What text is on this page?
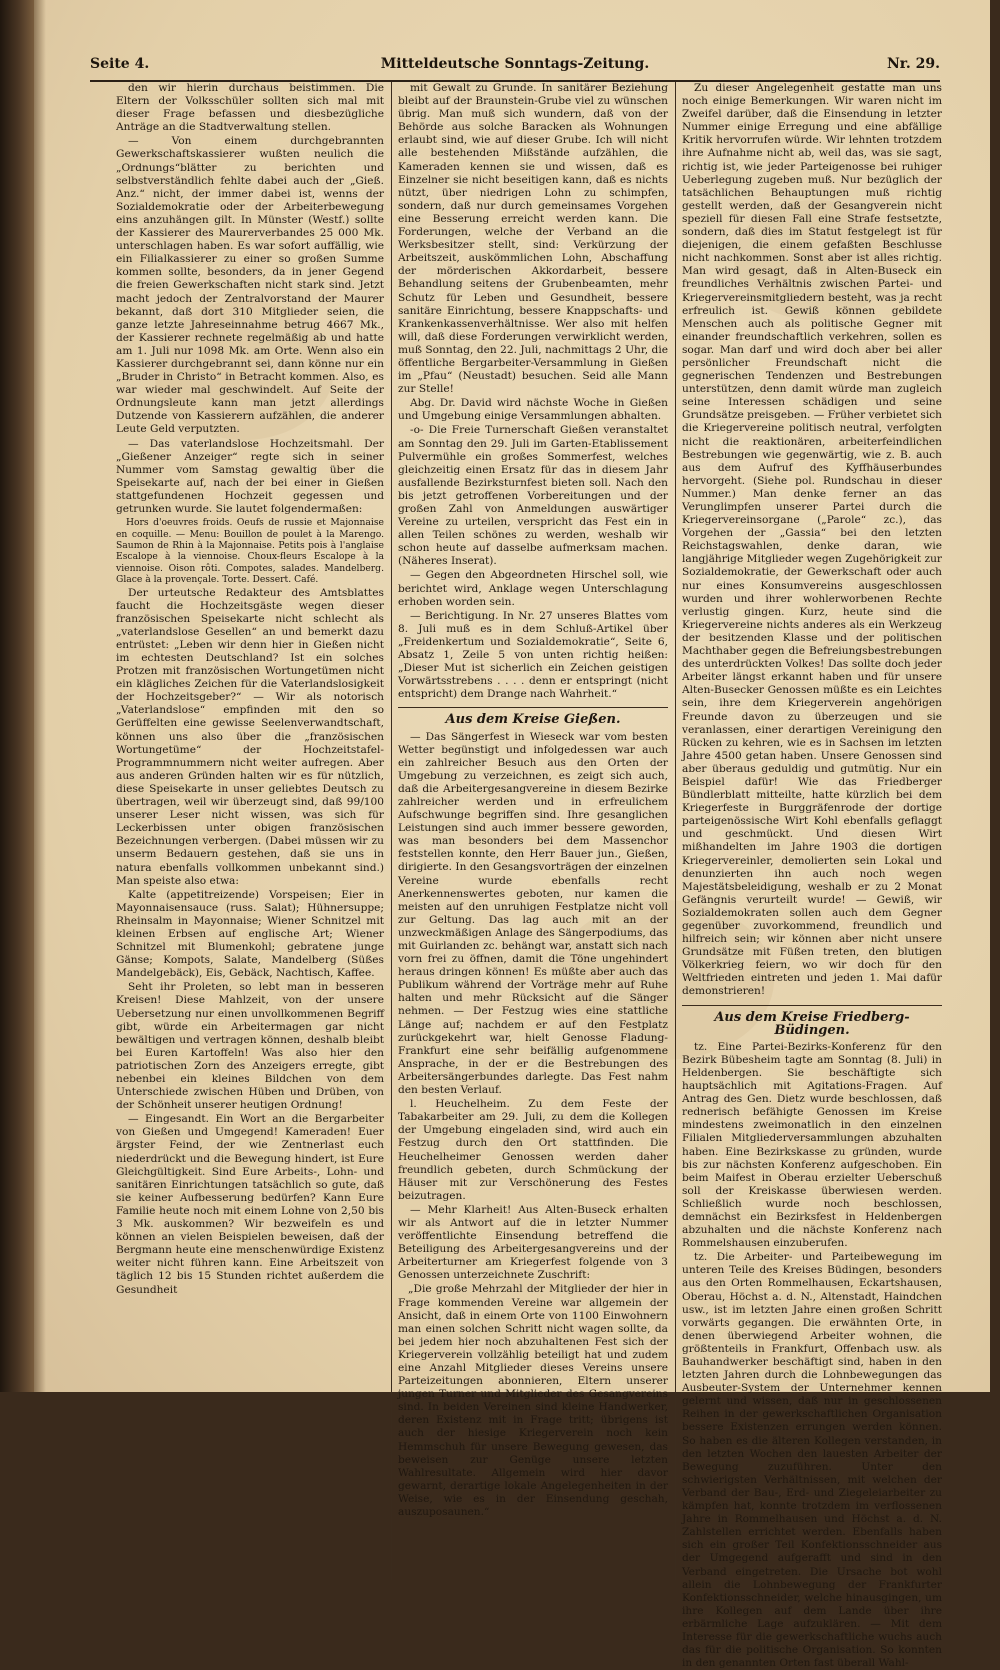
Seite 4.	Mitteldeutsche Sonntags-Zeitung.	Nr. 29.

den wir hierin durchaus beistimmen. Die Eltern der Volksschüler sollten sich mal mit dieser Frage befassen und diesbezügliche Anträge an die Stadtverwaltung stellen.

— Von einem durchgebrannten Gewerkschaftskassierer wußten neulich die „Ordnungs“blätter zu berichten und selbstverständlich fehlte dabei auch der „Gieß. Anz.“ nicht, der immer dabei ist, wenns der Sozialdemokratie oder der Arbeiterbewegung eins anzuhängen gilt. In Münster (Westf.) sollte der Kassierer des Maurerverbandes 25 000 Mk. unterschlagen haben. Es war sofort auffällig, wie ein Filialkassierer zu einer so großen Summe kommen sollte, besonders, da in jener Gegend die freien Gewerkschaften nicht stark sind. Jetzt macht jedoch der Zentralvorstand der Maurer bekannt, daß dort 310 Mitglieder seien, die ganze letzte Jahreseinnahme betrug 4667 Mk., der Kassierer rechnete regelmäßig ab und hatte am 1. Juli nur 1098 Mk. am Orte. Wenn also ein Kassierer durchgebrannt sei, dann könne nur ein „Bruder in Christo“ in Betracht kommen. Also, es war wieder mal geschwindelt. Auf Seite der Ordnungsleute kann man jetzt allerdings Dutzende von Kassierern aufzählen, die anderer Leute Geld verputzten.

— Das vaterlandslose Hochzeitsmahl. Der „Gießener Anzeiger“ regte sich in seiner Nummer vom Samstag gewaltig über die Speisekarte auf, nach der bei einer in Gießen stattgefundenen Hochzeit gegessen und getrunken wurde. Sie lautet folgendermaßen:

Hors d'oeuvres froids. Oeufs de russie et Majonnaise en coquille. — Menu: Bouillon de poulet à la Marengo. Saumon de Rhin à la Majonnaise. Petits pois à l'anglaise Escalope à la viennoise. Choux-fleurs Escalope à la viennoise. Oison rôti. Compotes, salades. Mandelberg. Glace à la provençale. Torte. Dessert. Café.

Der urteutsche Redakteur des Amtsblattes faucht die Hochzeitsgäste wegen dieser französischen Speisekarte nicht schlecht als „vaterlandslose Gesellen“ an und bemerkt dazu entrüstet: „Leben wir denn hier in Gießen nicht im echtesten Deutschland? Ist ein solches Protzen mit französischen Wortungetümen nicht ein klägliches Zeichen für die Vaterlandslosigkeit der Hochzeitsgeber?“ — Wir als notorisch „Vaterlandslose“ empfinden mit den so Gerüffelten eine gewisse Seelenverwandtschaft, können uns also über die „französischen Wortungetüme“ der Hochzeitstafel-Programmnummern nicht weiter aufregen. Aber aus anderen Gründen halten wir es für nützlich, diese Speisekarte in unser geliebtes Deutsch zu übertragen, weil wir überzeugt sind, daß 99/100 unserer Leser nicht wissen, was sich für Leckerbissen unter obigen französischen Bezeichnungen verbergen. (Dabei müssen wir zu unserm Bedauern gestehen, daß sie uns in natura ebenfalls vollkommen unbekannt sind.) Man speiste also etwa:

Kalte (appetitreizende) Vorspeisen; Eier in Mayonnaisensauce (russ. Salat); Hühnersuppe; Rheinsalm in Mayonnaise; Wiener Schnitzel mit kleinen Erbsen auf englische Art; Wiener Schnitzel mit Blumenkohl; gebratene junge Gänse; Kompots, Salate, Mandelberg (Süßes Mandelgebäck), Eis, Gebäck, Nachtisch, Kaffee.

Seht ihr Proleten, so lebt man in besseren Kreisen! Diese Mahlzeit, von der unsere Uebersetzung nur einen unvollkommenen Begriff gibt, würde ein Arbeitermagen gar nicht bewältigen und vertragen können, deshalb bleibt bei Euren Kartoffeln! Was also hier den patriotischen Zorn des Anzeigers erregte, gibt nebenbei ein kleines Bildchen von dem Unterschiede zwischen Hüben und Drüben, von der Schönheit unserer heutigen Ordnung!

— Eingesandt. Ein Wort an die Bergarbeiter von Gießen und Umgegend! Kameraden! Euer ärgster Feind, der wie Zentnerlast euch niederdrückt und die Bewegung hindert, ist Eure Gleichgültigkeit. Sind Eure Arbeits-, Lohn- und sanitären Einrichtungen tatsächlich so gute, daß sie keiner Aufbesserung bedürfen? Kann Eure Familie heute noch mit einem Lohne von 2,50 bis 3 Mk. auskommen? Wir bezweifeln es und können an vielen Beispielen beweisen, daß der Bergmann heute eine menschenwürdige Existenz weiter nicht führen kann. Eine Arbeitszeit von täglich 12 bis 15 Stunden richtet außerdem die Gesundheit

mit Gewalt zu Grunde. In sanitärer Beziehung bleibt auf der Braunstein-Grube viel zu wünschen übrig. Man muß sich wundern, daß von der Behörde aus solche Baracken als Wohnungen erlaubt sind, wie auf dieser Grube. Ich will nicht alle bestehenden Mißstände aufzählen, die Kameraden kennen sie und wissen, daß es Einzelner sie nicht beseitigen kann, daß es nichts nützt, über niedrigen Lohn zu schimpfen, sondern, daß nur durch gemeinsames Vorgehen eine Besserung erreicht werden kann. Die Forderungen, welche der Verband an die Werksbesitzer stellt, sind: Verkürzung der Arbeitszeit, auskömmlichen Lohn, Abschaffung der mörderischen Akkordarbeit, bessere Behandlung seitens der Grubenbeamten, mehr Schutz für Leben und Gesundheit, bessere sanitäre Einrichtung, bessere Knappschafts- und Krankenkassenverhältnisse. Wer also mit helfen will, daß diese Forderungen verwirklicht werden, muß Sonntag, den 22. Juli, nachmittags 2 Uhr, die öffentliche Bergarbeiter-Versammlung in Gießen im „Pfau“ (Neustadt) besuchen. Seid alle Mann zur Stelle!

Abg. Dr. David wird nächste Woche in Gießen und Umgebung einige Versammlungen abhalten.

-o- Die Freie Turnerschaft Gießen veranstaltet am Sonntag den 29. Juli im Garten-Etablissement Pulvermühle ein großes Sommerfest, welches gleichzeitig einen Ersatz für das in diesem Jahr ausfallende Bezirksturnfest bieten soll. Nach den bis jetzt getroffenen Vorbereitungen und der großen Zahl von Anmeldungen auswärtiger Vereine zu urteilen, verspricht das Fest ein in allen Teilen schönes zu werden, weshalb wir schon heute auf dasselbe aufmerksam machen. (Näheres Inserat).

— Gegen den Abgeordneten Hirschel soll, wie berichtet wird, Anklage wegen Unterschlagung erhoben worden sein.

— Berichtigung. In Nr. 27 unseres Blattes vom 8. Juli muß es in dem Schluß-Artikel über „Freidenkertum und Sozialdemokratie“, Seite 6, Absatz 1, Zeile 5 von unten richtig heißen: „Dieser Mut ist sicherlich ein Zeichen geistigen Vorwärtsstrebens . . . . denn er entspringt (nicht entspricht) dem Drange nach Wahrheit.“

Aus dem Kreise Gießen.

— Das Sängerfest in Wieseck war vom besten Wetter begünstigt und infolgedessen war auch ein zahlreicher Besuch aus den Orten der Umgebung zu verzeichnen, es zeigt sich auch, daß die Arbeitergesangvereine in diesem Bezirke zahlreicher werden und in erfreulichem Aufschwunge begriffen sind. Ihre gesanglichen Leistungen sind auch immer bessere geworden, was man besonders bei dem Massenchor feststellen konnte, den Herr Bauer jun., Gießen, dirigierte. In den Gesangsvorträgen der einzelnen Vereine wurde ebenfalls recht Anerkennenswertes geboten, nur kamen die meisten auf den unruhigen Festplatze nicht voll zur Geltung. Das lag auch mit an der unzweckmäßigen Anlage des Sängerpodiums, das mit Guirlanden zc. behängt war, anstatt sich nach vorn frei zu öffnen, damit die Töne ungehindert heraus dringen können! Es müßte aber auch das Publikum während der Vorträge mehr auf Ruhe halten und mehr Rücksicht auf die Sänger nehmen. — Der Festzug wies eine stattliche Länge auf; nachdem er auf den Festplatz zurückgekehrt war, hielt Genosse Fladung-Frankfurt eine sehr beifällig aufgenommene Ansprache, in der er die Bestrebungen des Arbeitersängerbundes darlegte. Das Fest nahm den besten Verlauf.

l. Heuchelheim. Zu dem Feste der Tabakarbeiter am 29. Juli, zu dem die Kollegen der Umgebung eingeladen sind, wird auch ein Festzug durch den Ort stattfinden. Die Heuchelheimer Genossen werden daher freundlich gebeten, durch Schmückung der Häuser mit zur Verschönerung des Festes beizutragen.

— Mehr Klarheit! Aus Alten-Buseck erhalten wir als Antwort auf die in letzter Nummer veröffentlichte Einsendung betreffend die Beteiligung des Arbeitergesangvereins und der Arbeiterturner am Kriegerfest folgende von 3 Genossen unterzeichnete Zuschrift:

„Die große Mehrzahl der Mitglieder der hier in Frage kommenden Vereine war allgemein der Ansicht, daß in einem Orte von 1100 Einwohnern man einen solchen Schritt nicht wagen sollte, da bei jedem hier noch abzuhaltenen Fest sich der Kriegerverein vollzählig beteiligt hat und zudem eine Anzahl Mitglieder dieses Vereins unsere Parteizeitungen abonnieren, Eltern unserer jungen Turner und Mitglieder des Gesangvereins sind. In beiden Vereinen sind kleine Handwerker, deren Existenz mit in Frage tritt; übrigens ist auch der hiesige Kriegerverein noch kein Hemmschuh für unsere Bewegung gewesen, das beweisen zur Genüge unsere letzten Wahlresultate. Allgemein wird hier davor gewarnt, derartige lokale Angelegenheiten in der Weise, wie es in der Einsendung geschah, auszuposaunen.“

Zu dieser Angelegenheit gestatte man uns noch einige Bemerkungen. Wir waren nicht im Zweifel darüber, daß die Einsendung in letzter Nummer einige Erregung und eine abfällige Kritik hervorrufen würde. Wir lehnten trotzdem ihre Aufnahme nicht ab, weil das, was sie sagt, richtig ist, wie jeder Parteigenosse bei ruhiger Ueberlegung zugeben muß. Nur bezüglich der tatsächlichen Behauptungen muß richtig gestellt werden, daß der Gesangverein nicht speziell für diesen Fall eine Strafe festsetzte, sondern, daß dies im Statut festgelegt ist für diejenigen, die einem gefaßten Beschlusse nicht nachkommen. Sonst aber ist alles richtig. Man wird gesagt, daß in Alten-Buseck ein freundliches Verhältnis zwischen Partei- und Kriegervereinsmitgliedern besteht, was ja recht erfreulich ist. Gewiß können gebildete Menschen auch als politische Gegner mit einander freundschaftlich verkehren, sollen es sogar. Man darf und wird doch aber bei aller persönlicher Freundschaft nicht die gegnerischen Tendenzen und Bestrebungen unterstützen, denn damit würde man zugleich seine Interessen schädigen und seine Grundsätze preisgeben. — Früher verbietet sich die Kriegervereine politisch neutral, verfolgten nicht die reaktionären, arbeiterfeindlichen Bestrebungen wie gegenwärtig, wie z. B. auch aus dem Aufruf des Kyffhäuserbundes hervorgeht. (Siehe pol. Rundschau in dieser Nummer.) Man denke ferner an das Verunglimpfen unserer Partei durch die Kriegervereinsorgane („Parole“ zc.), das Vorgehen der „Gassia“ bei den letzten Reichstagswahlen, denke daran, wie langjährige Mitglieder wegen Zugehörigkeit zur Sozialdemokratie, der Gewerkschaft oder auch nur eines Konsumvereins ausgeschlossen wurden und ihrer wohlerworbenen Rechte verlustig gingen. Kurz, heute sind die Kriegervereine nichts anderes als ein Werkzeug der besitzenden Klasse und der politischen Machthaber gegen die Befreiungsbestrebungen des unterdrückten Volkes! Das sollte doch jeder Arbeiter längst erkannt haben und für unsere Alten-Busecker Genossen müßte es ein Leichtes sein, ihre dem Kriegerverein angehörigen Freunde davon zu überzeugen und sie veranlassen, einer derartigen Vereinigung den Rücken zu kehren, wie es in Sachsen im letzten Jahre 4500 getan haben. Unsere Genossen sind aber überaus geduldig und gutmütig. Nur ein Beispiel dafür! Wie das Friedberger Bündlerblatt mitteilte, hatte kürzlich bei dem Kriegerfeste in Burggräfenrode der dortige parteigenössische Wirt Kohl ebenfalls geflaggt und geschmückt. Und diesen Wirt mißhandelten im Jahre 1903 die dortigen Kriegervereinler, demolierten sein Lokal und denunzierten ihn auch noch wegen Majestätsbeleidigung, weshalb er zu 2 Monat Gefängnis verurteilt wurde! — Gewiß, wir Sozialdemokraten sollen auch dem Gegner gegenüber zuvorkommend, freundlich und hilfreich sein; wir können aber nicht unsere Grundsätze mit Füßen treten, den blutigen Völkerkrieg feiern, wo wir doch für den Weltfrieden eintreten und jeden 1. Mai dafür demonstrieren!

Aus dem Kreise Friedberg-Büdingen.

tz. Eine Partei-Bezirks-Konferenz für den Bezirk Bübesheim tagte am Sonntag (8. Juli) in Heldenbergen. Sie beschäftigte sich hauptsächlich mit Agitations-Fragen. Auf Antrag des Gen. Dietz wurde beschlossen, daß rednerisch befähigte Genossen im Kreise mindestens zweimonatlich in den einzelnen Filialen Mitgliederversammlungen abzuhalten haben. Eine Bezirkskasse zu gründen, wurde bis zur nächsten Konferenz aufgeschoben. Ein beim Maifest in Oberau erzielter Ueberschuß soll der Kreiskasse überwiesen werden. Schließlich wurde noch beschlossen, demnächst ein Bezirksfest in Heldenbergen abzuhalten und die nächste Konferenz nach Rommelshausen einzuberufen.

tz. Die Arbeiter- und Parteibewegung im unteren Teile des Kreises Büdingen, besonders aus den Orten Rommelhausen, Eckartshausen, Oberau, Höchst a. d. N., Altenstadt, Haindchen usw., ist im letzten Jahre einen großen Schritt vorwärts gegangen. Die erwähnten Orte, in denen überwiegend Arbeiter wohnen, die größtenteils in Frankfurt, Offenbach usw. als Bauhandwerker beschäftigt sind, haben in den letzten Jahren durch die Lohnbewegungen das Ausbeuter-System der Unternehmer kennen gelernt und wissen, daß nur in geschlossenen Reihen in der gewerkschaftlichen Organisation bessere Existenzen errungen werden können. So haben es die älteren Kollegen verstanden, in den letzten Wochen den lauesten Arbeiter der Bewegung zuzuführen. Unter den schwierigsten Verhältnissen, mit welchen der Verband der Bau-, Erd- und Ziegeleiarbeiter zu kämpfen hat, konnte trotzdem im verflossenen Jahre in Rommelhausen und Höchst a. d. N. Zahlstellen errichtet werden. Ebenfalls haben sich ein großer Teil Konfektionsschneider aus der Umgegend aufgerafft und sind in den Verband eingetreten. Die Ursache bot wohl allein die Lohnbewegung der Frankfurter Konfektionsschneider, welche hinausgingen, um ihre Kollegen auf dem Lande über ihre erbärmliche Lage aufzuklären. — Mit dem Interesse für die gewerkschaftliche wuchs auch das für die politische Organisation. So konnten in den genannten Orten fast überall Wahl-
